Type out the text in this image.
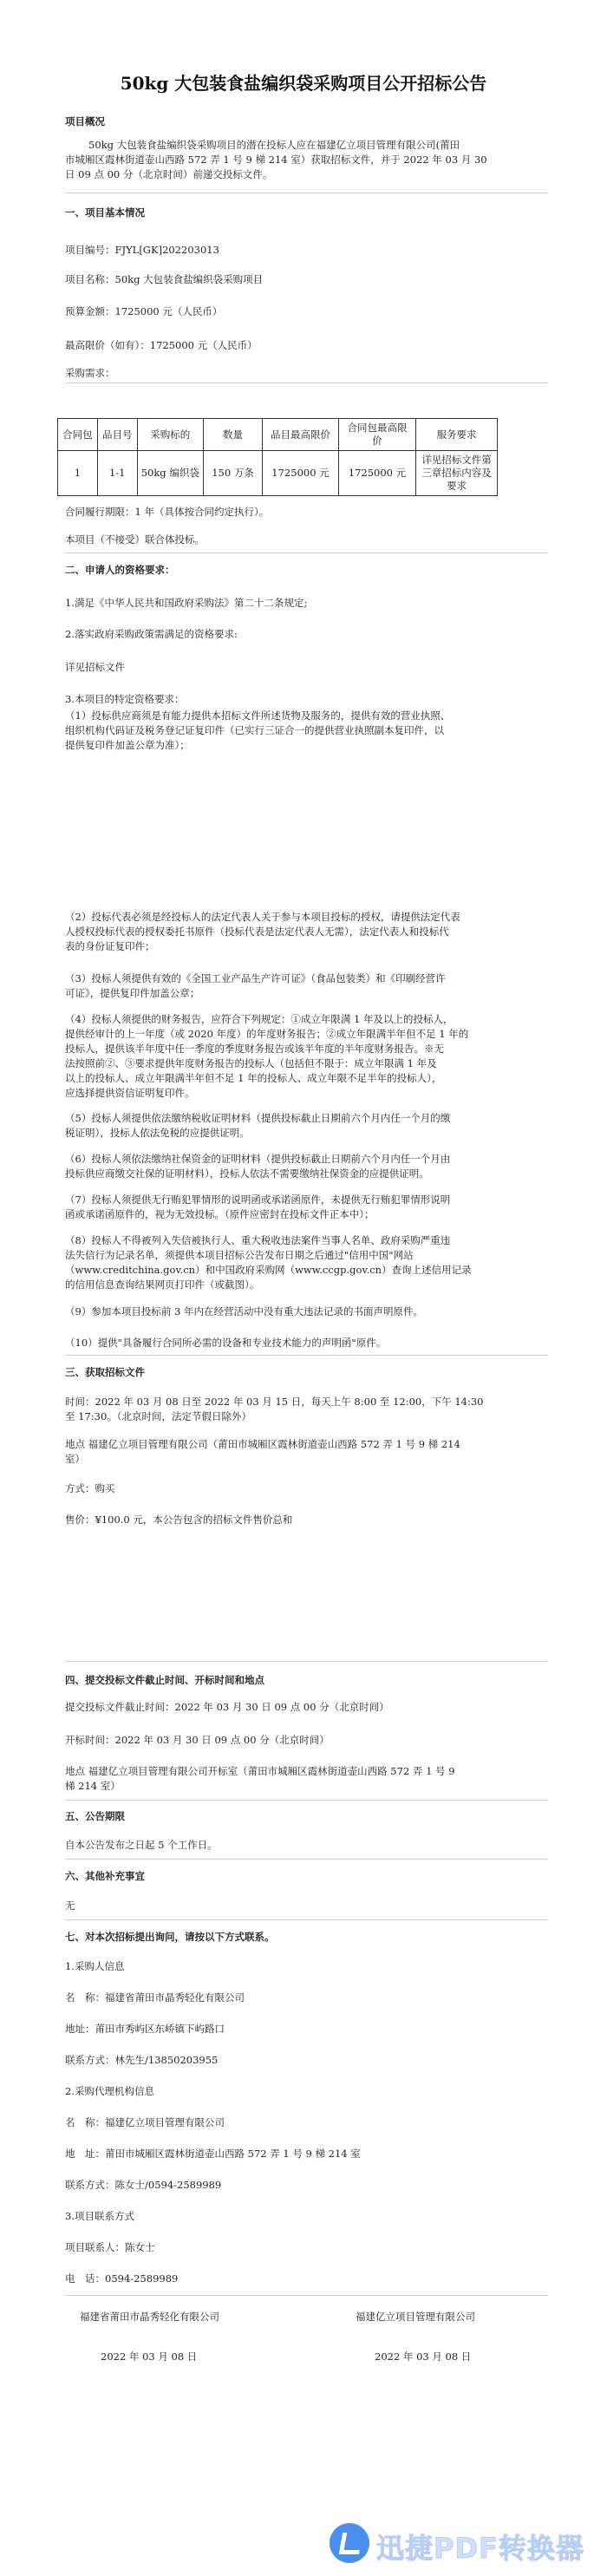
50kg 大包装食盐编织袋采购项目公开招标公告
项目概况
50kg 大包装食盐编织袋采购项目的潜在投标人应在福建亿立项目管理有限公司(莆田
市城厢区霞林街道壶山西路 572 弄 1 号 9 梯 214 室）获取招标文件，并于 2022 年 03 月 30
日 09 点 00 分（北京时间）前递交投标文件。
一、项目基本情况
项目编号：FJYL[GK]202203013
项目名称：50kg 大包装食盐编织袋采购项目
预算金额：1725000 元（人民币）
最高限价（如有）：1725000 元（人民币）
采购需求：
合同包	品目号	采购标的	数量	品目最高限价	合同包最高限价	服务要求
1	1-1	50kg 编织袋	150 万条	1725000 元	1725000 元	详见招标文件第三章招标内容及要求
合同履行期限：1 年（具体按合同约定执行）。
本项目（不接受）联合体投标。
二、申请人的资格要求：
1.满足《中华人民共和国政府采购法》第二十二条规定;
2.落实政府采购政策需满足的资格要求:
详见招标文件
3.本项目的特定资格要求：
（1）投标供应商须是有能力提供本招标文件所述货物及服务的，提供有效的营业执照、
组织机构代码证及税务登记证复印件（已实行三证合一的提供营业执照副本复印件，以
提供复印件加盖公章为准）；
（2）投标代表必须是经投标人的法定代表人关于参与本项目投标的授权，请提供法定代表
人授权投标代表的授权委托书原件（投标代表是法定代表人无需），法定代表人和投标代
表的身份证复印件；
（3）投标人须提供有效的《全国工业产品生产许可证》（食品包装类）和《印刷经营许
可证》，提供复印件加盖公章；
（4）投标人须提供的财务报告，应符合下列规定：①成立年限满 1 年及以上的投标人，
提供经审计的上一年度（或 2020 年度）的年度财务报告；②成立年限满半年但不足 1 年的
投标人，提供该半年度中任一季度的季度财务报告或该半年度的半年度财务报告。※无
法按照前②、③要求提供年度财务报告的投标人（包括但不限于：成立年限满 1 年及
以上的投标人、成立年限满半年但不足 1 年的投标人、成立年限不足半年的投标人），
应选择提供资信证明复印件。
（5）投标人须提供依法缴纳税收证明材料（提供投标截止日期前六个月内任一个月的缴
税证明），投标人依法免税的应提供证明。
（6）投标人须依法缴纳社保资金的证明材料（提供投标截止日期前六个月内任一个月由
投标供应商缴交社保的证明材料），投标人依法不需要缴纳社保资金的应提供证明。
（7）投标人须提供无行贿犯罪情形的说明函或承诺函原件，未提供无行贿犯罪情形说明
函或承诺函原件的，视为无效投标。（原件应密封在投标文件正本中）；
（8）投标人不得被列入失信被执行人、重大税收违法案件当事人名单、政府采购严重违
法失信行为记录名单，须提供本项目招标公告发布日期之后通过"信用中国"网站
（www.creditchina.gov.cn）和中国政府采购网（www.ccgp.gov.cn）查询上述信用记录
的信用信息查询结果网页打印件（或截图）。
（9）参加本项目投标前 3 年内在经营活动中没有重大违法记录的书面声明原件。
（10）提供"具备履行合同所必需的设备和专业技术能力的声明函"原件。
三、获取招标文件
时间：2022 年 03 月 08 日至 2022 年 03 月 15 日，每天上午 8:00 至 12:00，下午 14:30
至 17:30。（北京时间，法定节假日除外）
地点 福建亿立项目管理有限公司（莆田市城厢区霞林街道壶山西路 572 弄 1 号 9 梯 214
室）
方式：购买
售价：¥100.0 元，本公告包含的招标文件售价总和
四、提交投标文件截止时间、开标时间和地点
提交投标文件截止时间：2022 年 03 月 30 日 09 点 00 分（北京时间）
开标时间：2022 年 03 月 30 日 09 点 00 分（北京时间）
地点 福建亿立项目管理有限公司开标室（莆田市城厢区霞林街道壶山西路 572 弄 1 号 9
梯 214 室）
五、公告期限
自本公告发布之日起 5 个工作日。
六、其他补充事宜
无
七、对本次招标提出询问，请按以下方式联系。
1.采购人信息
名　称：福建省莆田市晶秀轻化有限公司
地址：莆田市秀屿区东峤镇下屿路口
联系方式：林先生/13850203955
2.采购代理机构信息
名　称：福建亿立项目管理有限公司
地　址：莆田市城厢区霞林街道壶山西路 572 弄 1 号 9 梯 214 室
联系方式：陈女士/0594-2589989
3.项目联系方式
项目联系人：陈女士
电　话：0594-2589989
福建省莆田市晶秀轻化有限公司	福建亿立项目管理有限公司
2022 年 03 月 08 日	2022 年 03 月 08 日
迅捷PDF转换器
